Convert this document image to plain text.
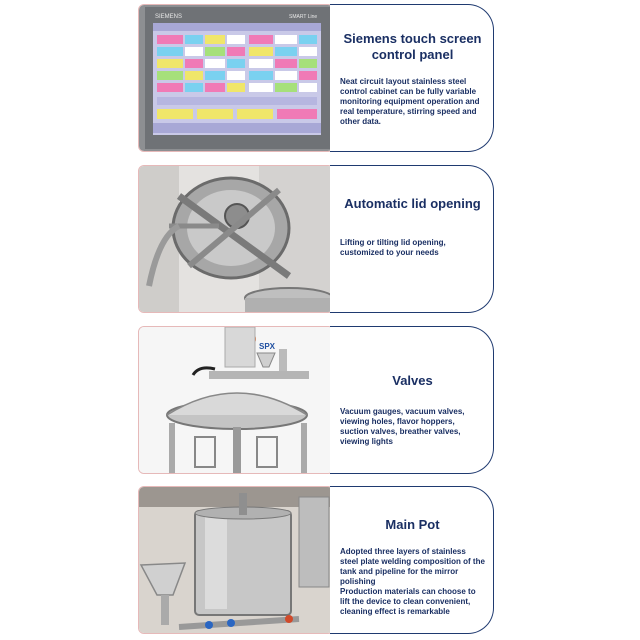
SIEMENS	SMART Line
Siemens touch screen control panel

Neat circuit layout stainless steel control cabinet can be fully variable monitoring equipment operation and real temperature, stirring speed and other data.

Automatic lid opening

Lifting or tilting lid opening, customized to your needs

SPX
Valves

Vacuum gauges, vacuum valves, viewing holes, flavor hoppers, suction valves, breather valves, viewing lights

Main Pot

Adopted three layers of stainless steel plate welding composition of the tank and pipeline for the mirror polishing

Production materials can choose to lift the device to clean convenient, cleaning effect is remarkable
